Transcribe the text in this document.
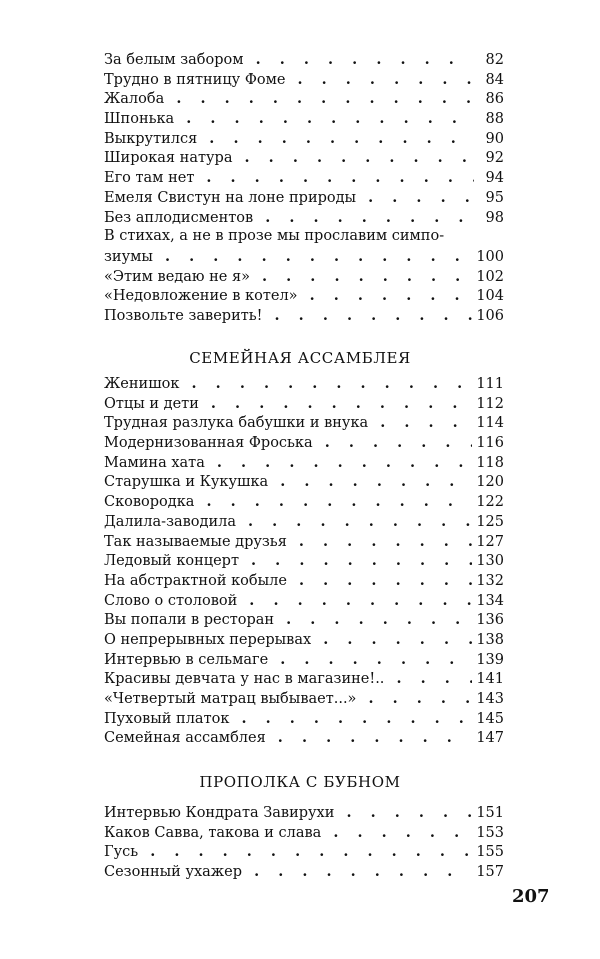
За белым забором .  .	82
Трудно в пятницу Фоме .  .	84
Жалоба .  .	86
Шпонька .  .	88
Выкрутился .  .	90
Широкая натура .  .	92
Его там нет .  .	94
Емеля Свистун на лоне природы .  .	95
Без аплодисментов .  .	98
В стихах, а не в прозе мы прославим симпо-
зиумы .  .	100
«Этим ведаю не я» .  .	102
«Недовложение в котел» .  .	104
Позвольте заверить! .  .	106
СЕМЕЙНАЯ АССАМБЛЕЯ
Женишок .  .	111
Отцы и дети .  .	112
Трудная разлука бабушки и внука .  .	114
Модернизованная Фроська .  .	116
Мамина хата .  .	118
Старушка и Кукушка .  .	120
Сковородка .  .	122
Далила-заводила .  .	125
Так называемые друзья .  .	127
Ледовый концерт .  .	130
На абстрактной кобыле .  .	132
Слово о столовой .  .	134
Вы попали в ресторан .  .	136
О непрерывных перерывах .  .	138
Интервью в сельмаге .  .	139
Красивы девчата у нас в магазине!.. .  .	141
«Четвертый матрац выбывает...» .  .	143
Пуховый платок .  .	145
Семейная ассамблея .  .	147
ПРОПОЛКА С БУБНОМ
Интервью Кондрата Завирухи .  .	151
Каков Савва, такова и слава .  .	153
Гусь .  .	155
Сезонный ухажер .  .	157
207
